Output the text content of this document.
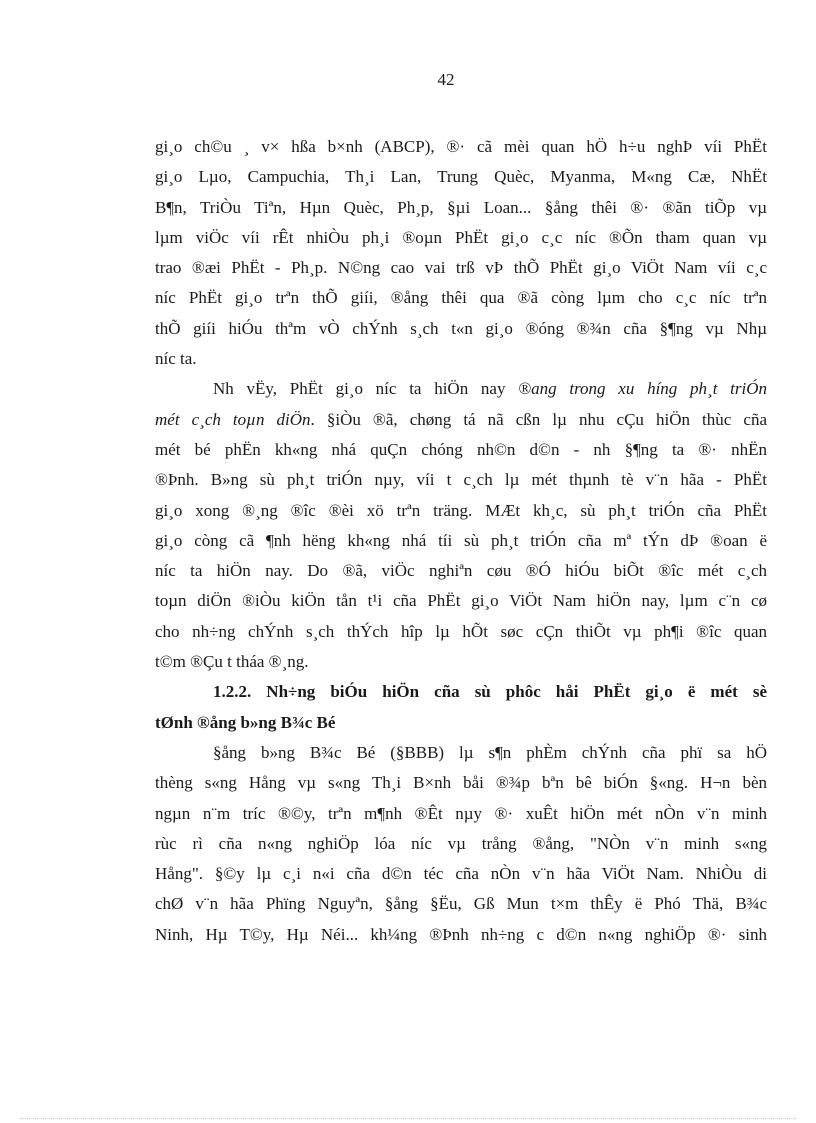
42

gi¸o ch©u ¸ v× hßa b×nh (ABCP), ®· cã mèi quan hÖ h÷u nghÞ víi PhËt
gi¸o Lµo, Campuchia, Th¸i Lan, Trung Quèc, Myanma, M«ng Cæ, NhËt
B¶n, TriÒu Tiªn, Hµn Quèc, Ph¸p, §µi Loan... §ång thêi ®· ®ãn tiÕp vµ
lµm viÖc víi rÊt nhiÒu ph¸i ®oµn PhËt gi¸o c¸c níc ®Õn tham quan vµ
trao ®æi PhËt - Ph¸p. N©ng cao vai trß vÞ thÕ PhËt gi¸o ViÖt Nam víi c¸c
níc PhËt gi¸o trªn thÕ giíi, ®ång thêi qua ®ã còng lµm cho c¸c níc trªn
thÕ giíi hiÓu thªm vÒ chÝnh s¸ch t«n gi¸o ®óng ®¾n cña §¶ng vµ Nhµ
níc ta.

Nh vËy, PhËt gi¸o níc ta hiÖn nay ®ang trong xu híng ph¸t triÓn
mét c¸ch toµn diÖn. §iÒu ®ã, chøng tá nã cßn lµ nhu cÇu hiÖn thùc cña
mét bé phËn kh«ng nhá quÇn chóng nh©n d©n - nh §¶ng ta ®· nhËn
®Þnh. B»ng sù ph¸t triÓn nµy, víi t c¸ch lµ mét thµnh tè v¨n hãa - PhËt
gi¸o xong ®¸ng ®îc ®èi xö trªn träng. MÆt kh¸c, sù ph¸t triÓn cña PhËt
gi¸o còng cã ¶nh hëng kh«ng nhá tíi sù ph¸t triÓn cña mª tÝn dÞ ®oan ë
níc ta hiÖn nay. Do ®ã, viÖc nghiªn cøu ®Ó hiÓu biÕt ®îc mét c¸ch
toµn diÖn ®iÒu kiÖn tån t¹i cña PhËt gi¸o ViÖt Nam hiÖn nay, lµm c¨n cø
cho nh÷ng chÝnh s¸ch thÝch hîp lµ hÕt søc cÇn thiÕt vµ ph¶i ®îc quan
t©m ®Çu t tháa ®¸ng.

1.2.2. Nh÷ng biÓu hiÖn cña sù phôc håi PhËt gi¸o ë mét sè
tØnh ®ång b»ng B¾c Bé

§ång b»ng B¾c Bé (§BBB) lµ s¶n phÈm chÝnh cña phï sa hÖ
thèng s«ng Hång vµ s«ng Th¸i B×nh båi ®¾p bªn bê biÓn §«ng. H¬n bèn
ngµn n¨m tríc ®©y, trªn m¶nh ®Êt nµy ®· xuÊt hiÖn mét nÒn v¨n minh
rùc rì cña n«ng nghiÖp lóa níc vµ trång ®ång, "NÒn v¨n minh s«ng
Hång". §©y lµ c¸i n«i cña d©n téc cña nÒn v¨n hãa ViÖt Nam. NhiÒu di
chØ v¨n hãa Phïng Nguyªn, §ång §Ëu, Gß Mun t×m thÊy ë Phó Thä, B¾c
Ninh, Hµ T©y, Hµ Néi... kh¼ng ®Þnh nh÷ng c d©n n«ng nghiÖp ®· sinh
